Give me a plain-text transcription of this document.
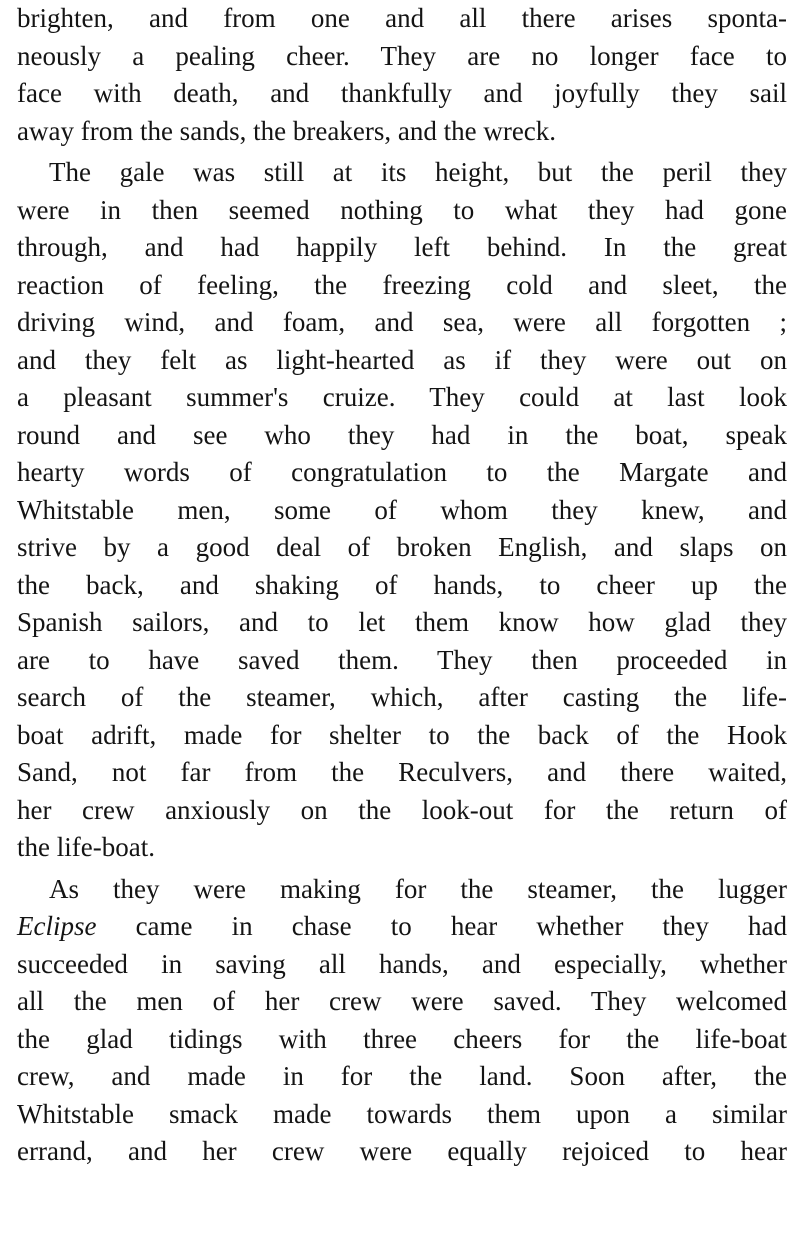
brighten, and from one and all there arises sponta-
neously a pealing cheer. They are no longer face to
face with death, and thankfully and joyfully they sail
away from the sands, the breakers, and the wreck.
The gale was still at its height, but the peril they
were in then seemed nothing to what they had gone
through, and had happily left behind. In the great
reaction of feeling, the freezing cold and sleet, the
driving wind, and foam, and sea, were all forgotten ;
and they felt as light-hearted as if they were out on
a pleasant summer's cruize. They could at last look
round and see who they had in the boat, speak
hearty words of congratulation to the Margate and
Whitstable men, some of whom they knew, and
strive by a good deal of broken English, and slaps on
the back, and shaking of hands, to cheer up the
Spanish sailors, and to let them know how glad they
are to have saved them. They then proceeded in
search of the steamer, which, after casting the life-
boat adrift, made for shelter to the back of the Hook
Sand, not far from the Reculvers, and there waited,
her crew anxiously on the look-out for the return of
the life-boat.
As they were making for the steamer, the lugger
Eclipse came in chase to hear whether they had
succeeded in saving all hands, and especially, whether
all the men of her crew were saved. They welcomed
the glad tidings with three cheers for the life-boat
crew, and made in for the land. Soon after, the
Whitstable smack made towards them upon a similar
errand, and her crew were equally rejoiced to hear
